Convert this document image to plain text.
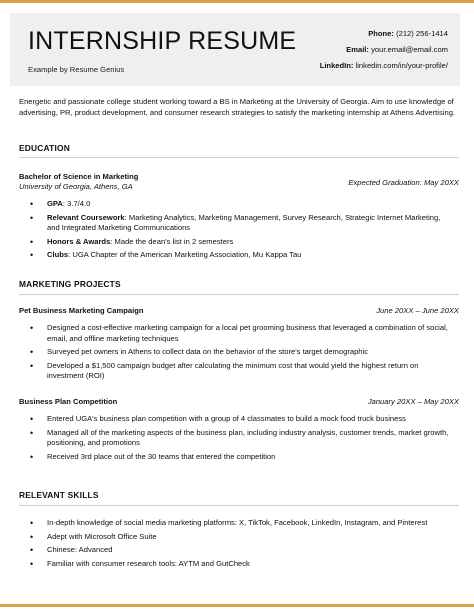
INTERNSHIP RESUME
Example by Resume Genius
Phone: (212) 256-1414
Email: your.email@email.com
LinkedIn: linkedin.com/in/your-profile/
Energetic and passionate college student working toward a BS in Marketing at the University of Georgia. Aim to use knowledge of advertising, PR, product development, and consumer research strategies to satisfy the marketing internship at Athens Advertising.
EDUCATION
Bachelor of Science in Marketing
Expected Graduation: May 20XX
University of Georgia, Athens, GA
• GPA: 3.7/4.0
• Relevant Coursework: Marketing Analytics, Marketing Management, Survey Research, Strategic Internet Marketing, and Integrated Marketing Communications
• Honors & Awards: Made the dean's list in 2 semesters
• Clubs: UGA Chapter of the American Marketing Association, Mu Kappa Tau
MARKETING PROJECTS
Pet Business Marketing Campaign	June 20XX – June 20XX
• Designed a cost-effective marketing campaign for a local pet grooming business that leveraged a combination of social, email, and offline marketing techniques
• Surveyed pet owners in Athens to collect data on the behavior of the store's target demographic
• Developed a $1,500 campaign budget after calculating the minimum cost that would yield the highest return on investment (ROI)
Business Plan Competition	January 20XX – May 20XX
• Entered UGA's business plan competition with a group of 4 classmates to build a mock food truck business
• Managed all of the marketing aspects of the business plan, including industry analysis, customer trends, market growth, positioning, and promotions
• Received 3rd place out of the 30 teams that entered the competition
RELEVANT SKILLS
• In-depth knowledge of social media marketing platforms: X, TikTok, Facebook, LinkedIn, Instagram, and Pinterest
• Adept with Microsoft Office Suite
• Chinese: Advanced
• Familiar with consumer research tools: AYTM and GutCheck
